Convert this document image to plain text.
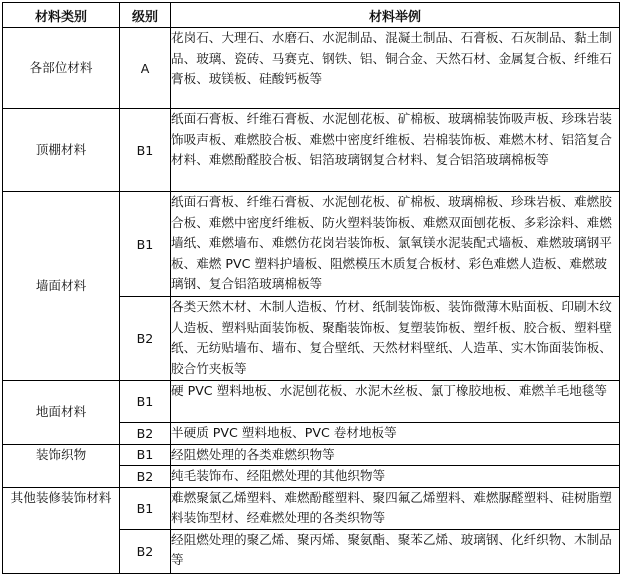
材料类别	级别	材料举例
各部位材料	A	花岗石、大理石、水磨石、水泥制品、混凝土制品、石膏板、石灰制品、黏土制品、玻璃、瓷砖、马赛克、钢铁、铝、铜合金、天然石材、金属复合板、纤维石膏板、玻镁板、硅酸钙板等
顶棚材料	B1	纸面石膏板、纤维石膏板、水泥刨花板、矿棉板、玻璃棉装饰吸声板、珍珠岩装饰吸声板、难燃胶合板、难燃中密度纤维板、岩棉装饰板、难燃木材、铝箔复合材料、难燃酚醛胶合板、铝箔玻璃钢复合材料、复合铝箔玻璃棉板等
墙面材料	B1	纸面石膏板、纤维石膏板、水泥刨花板、矿棉板、玻璃棉板、珍珠岩板、难燃胶合板、难燃中密度纤维板、防火塑料装饰板、难燃双面刨花板、多彩涂料、难燃墙纸、难燃墙布、难燃仿花岗岩装饰板、氯氧镁水泥装配式墙板、难燃玻璃钢平板、难燃 PVC 塑料护墙板、阻燃模压木质复合板材、彩色难燃人造板、难燃玻璃钢、复合铝箔玻璃棉板等
	B2	各类天然木材、木制人造板、竹材、纸制装饰板、装饰微薄木贴面板、印刷木纹人造板、塑料贴面装饰板、聚酯装饰板、复塑装饰板、塑纤板、胶合板、塑料壁纸、无纺贴墙布、墙布、复合壁纸、天然材料壁纸、人造革、实木饰面装饰板、胶合竹夹板等
地面材料	B1	硬 PVC 塑料地板、水泥刨花板、水泥木丝板、氯丁橡胶地板、难燃羊毛地毯等
	B2	半硬质 PVC 塑料地板、PVC 卷材地板等
装饰织物	B1	经阻燃处理的各类难燃织物等
	B2	纯毛装饰布、经阻燃处理的其他织物等
其他装修装饰材料	B1	难燃聚氯乙烯塑料、难燃酚醛塑料、聚四氟乙烯塑料、难燃脲醛塑料、硅树脂塑料装饰型材、经难燃处理的各类织物等
	B2	经阻燃处理的聚乙烯、聚丙烯、聚氨酯、聚苯乙烯、玻璃钢、化纤织物、木制品等
